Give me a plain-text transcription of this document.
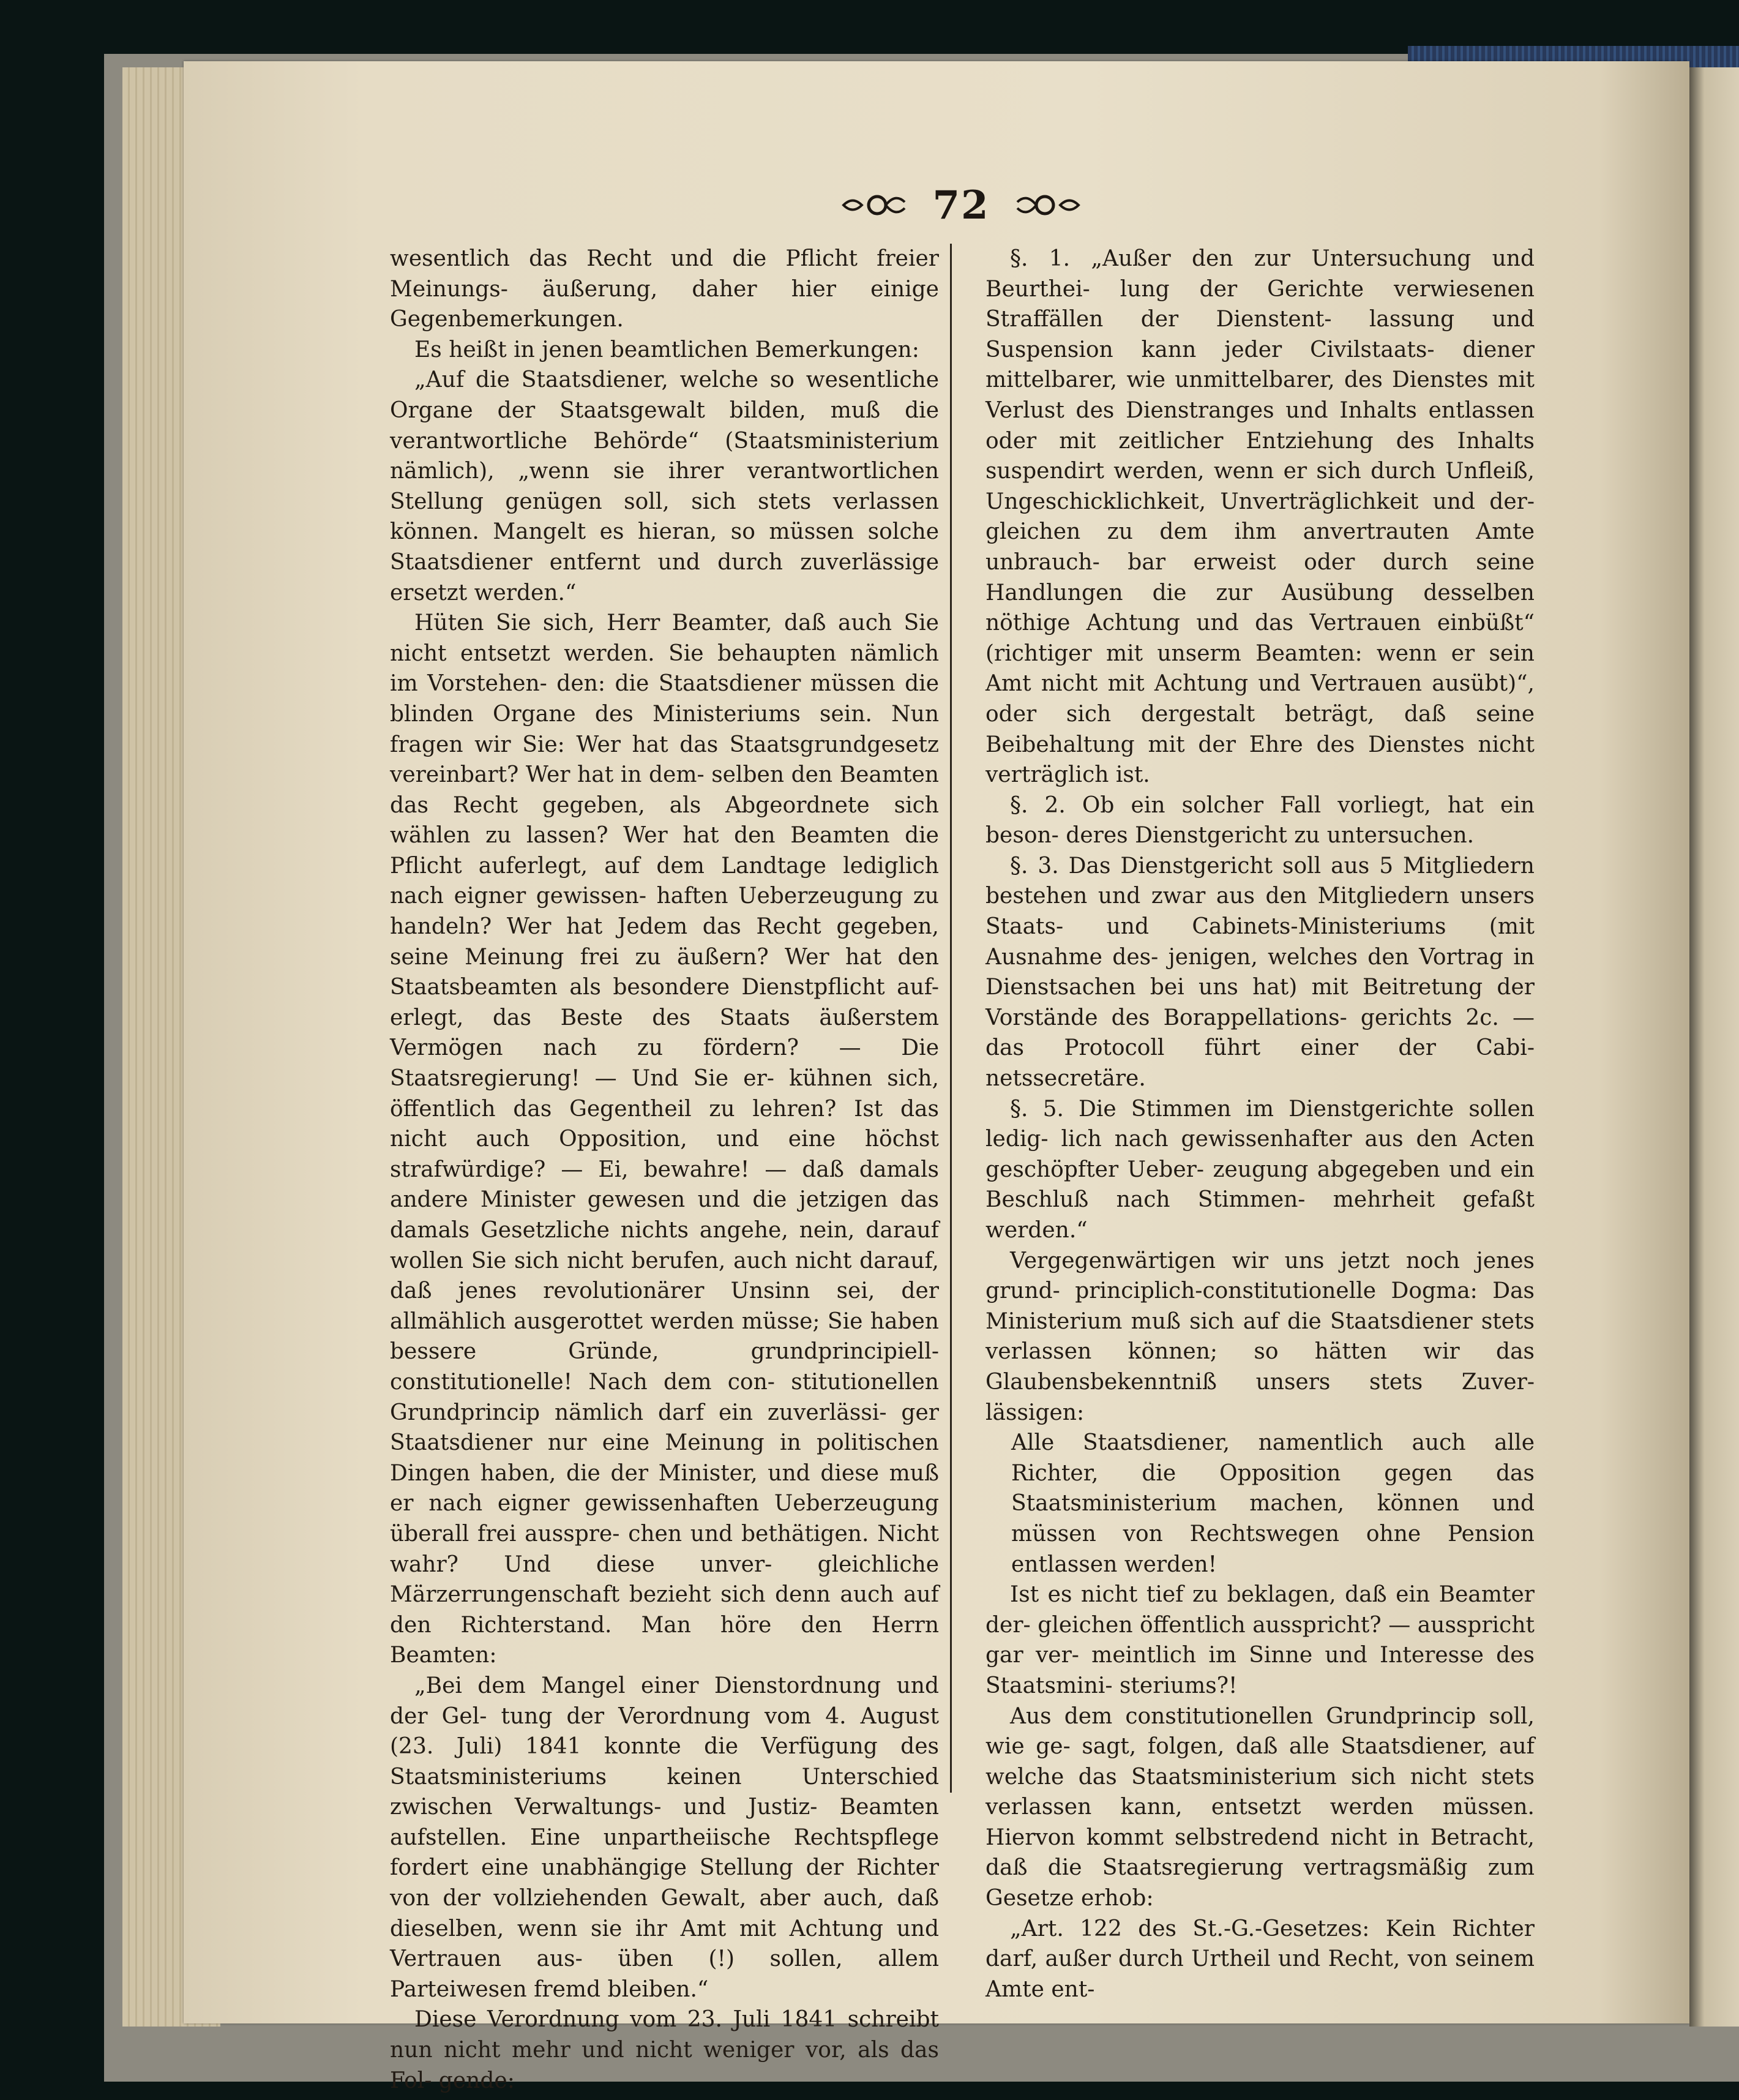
72

wesentlich das Recht und die Pflicht freier Meinungs- äußerung, daher hier einige Gegenbemerkungen.

Es heißt in jenen beamtlichen Bemerkungen:

„Auf die Staatsdiener, welche so wesentliche Organe der Staatsgewalt bilden, muß die verantwortliche Behörde“ (Staatsministerium nämlich), „wenn sie ihrer verantwortlichen Stellung genügen soll, sich stets verlassen können. Mangelt es hieran, so müssen solche Staatsdiener entfernt und durch zuverlässige ersetzt werden.“

Hüten Sie sich, Herr Beamter, daß auch Sie nicht entsetzt werden. Sie behaupten nämlich im Vorstehen- den: die Staatsdiener müssen die blinden Organe des Ministeriums sein. Nun fragen wir Sie: Wer hat das Staatsgrundgesetz vereinbart? Wer hat in dem- selben den Beamten das Recht gegeben, als Abgeordnete sich wählen zu lassen? Wer hat den Beamten die Pflicht auferlegt, auf dem Landtage lediglich nach eigner gewissen- haften Ueberzeugung zu handeln? Wer hat Jedem das Recht gegeben, seine Meinung frei zu äußern? Wer hat den Staatsbeamten als besondere Dienstpflicht auf- erlegt, das Beste des Staats äußerstem Vermögen nach zu fördern? — Die Staatsregierung! — Und Sie er- kühnen sich, öffentlich das Gegentheil zu lehren? Ist das nicht auch Opposition, und eine höchst strafwürdige? — Ei, bewahre! — daß damals andere Minister gewesen und die jetzigen das damals Gesetzliche nichts angehe, nein, darauf wollen Sie sich nicht berufen, auch nicht darauf, daß jenes revolutionärer Unsinn sei, der allmählich ausgerottet werden müsse; Sie haben bessere Gründe, grundprincipiell-constitutionelle! Nach dem con- stitutionellen Grundprincip nämlich darf ein zuverlässi- ger Staatsdiener nur eine Meinung in politischen Dingen haben, die der Minister, und diese muß er nach eigner gewissenhaften Ueberzeugung überall frei ausspre- chen und bethätigen. Nicht wahr? Und diese unver- gleichliche Märzerrungenschaft bezieht sich denn auch auf den Richterstand. Man höre den Herrn Beamten:

„Bei dem Mangel einer Dienstordnung und der Gel- tung der Verordnung vom 4. August (23. Juli) 1841 konnte die Verfügung des Staatsministeriums keinen Unterschied zwischen Verwaltungs- und Justiz- Beamten aufstellen. Eine unpartheiische Rechtspflege fordert eine unabhängige Stellung der Richter von der vollziehenden Gewalt, aber auch, daß dieselben, wenn sie ihr Amt mit Achtung und Vertrauen aus- üben (!) sollen, allem Parteiwesen fremd bleiben.“

Diese Verordnung vom 23. Juli 1841 schreibt nun nicht mehr und nicht weniger vor, als das Fol- gende:

§. 1. „Außer den zur Untersuchung und Beurthei- lung der Gerichte verwiesenen Straffällen der Dienstent- lassung und Suspension kann jeder Civilstaats- diener mittelbarer, wie unmittelbarer, des Dienstes mit Verlust des Dienstranges und Inhalts entlassen oder mit zeitlicher Entziehung des Inhalts suspendirt werden, wenn er sich durch Unfleiß, Ungeschicklichkeit, Unverträglichkeit und der- gleichen zu dem ihm anvertrauten Amte unbrauch- bar erweist oder durch seine Handlungen die zur Ausübung desselben nöthige Achtung und das Vertrauen einbüßt“ (richtiger mit unserm Beamten: wenn er sein Amt nicht mit Achtung und Vertrauen ausübt)“, oder sich dergestalt beträgt, daß seine Beibehaltung mit der Ehre des Dienstes nicht verträglich ist.

§. 2. Ob ein solcher Fall vorliegt, hat ein beson- deres Dienstgericht zu untersuchen.

§. 3. Das Dienstgericht soll aus 5 Mitgliedern bestehen und zwar aus den Mitgliedern unsers Staats- und Cabinets-Ministeriums (mit Ausnahme des- jenigen, welches den Vortrag in Dienstsachen bei uns hat) mit Beitretung der Vorstände des Borappellations- gerichts 2c. — das Protocoll führt einer der Cabi- netssecretäre.

§. 5. Die Stimmen im Dienstgerichte sollen ledig- lich nach gewissenhafter aus den Acten geschöpfter Ueber- zeugung abgegeben und ein Beschluß nach Stimmen- mehrheit gefaßt werden.“

Vergegenwärtigen wir uns jetzt noch jenes grund- principlich-constitutionelle Dogma: Das Ministerium muß sich auf die Staatsdiener stets verlassen können; so hätten wir das Glaubensbekenntniß unsers stets Zuver- lässigen:

Alle Staatsdiener, namentlich auch alle Richter, die Opposition gegen das Staatsministerium machen, können und müssen von Rechtswegen ohne Pension entlassen werden!

Ist es nicht tief zu beklagen, daß ein Beamter der- gleichen öffentlich ausspricht? — ausspricht gar ver- meintlich im Sinne und Interesse des Staatsmini- steriums?!

Aus dem constitutionellen Grundprincip soll, wie ge- sagt, folgen, daß alle Staatsdiener, auf welche das Staatsministerium sich nicht stets verlassen kann, entsetzt werden müssen. Hiervon kommt selbstredend nicht in Betracht, daß die Staatsregierung vertragsmäßig zum Gesetze erhob:

„Art. 122 des St.-G.-Gesetzes: Kein Richter darf, außer durch Urtheil und Recht, von seinem Amte ent-
